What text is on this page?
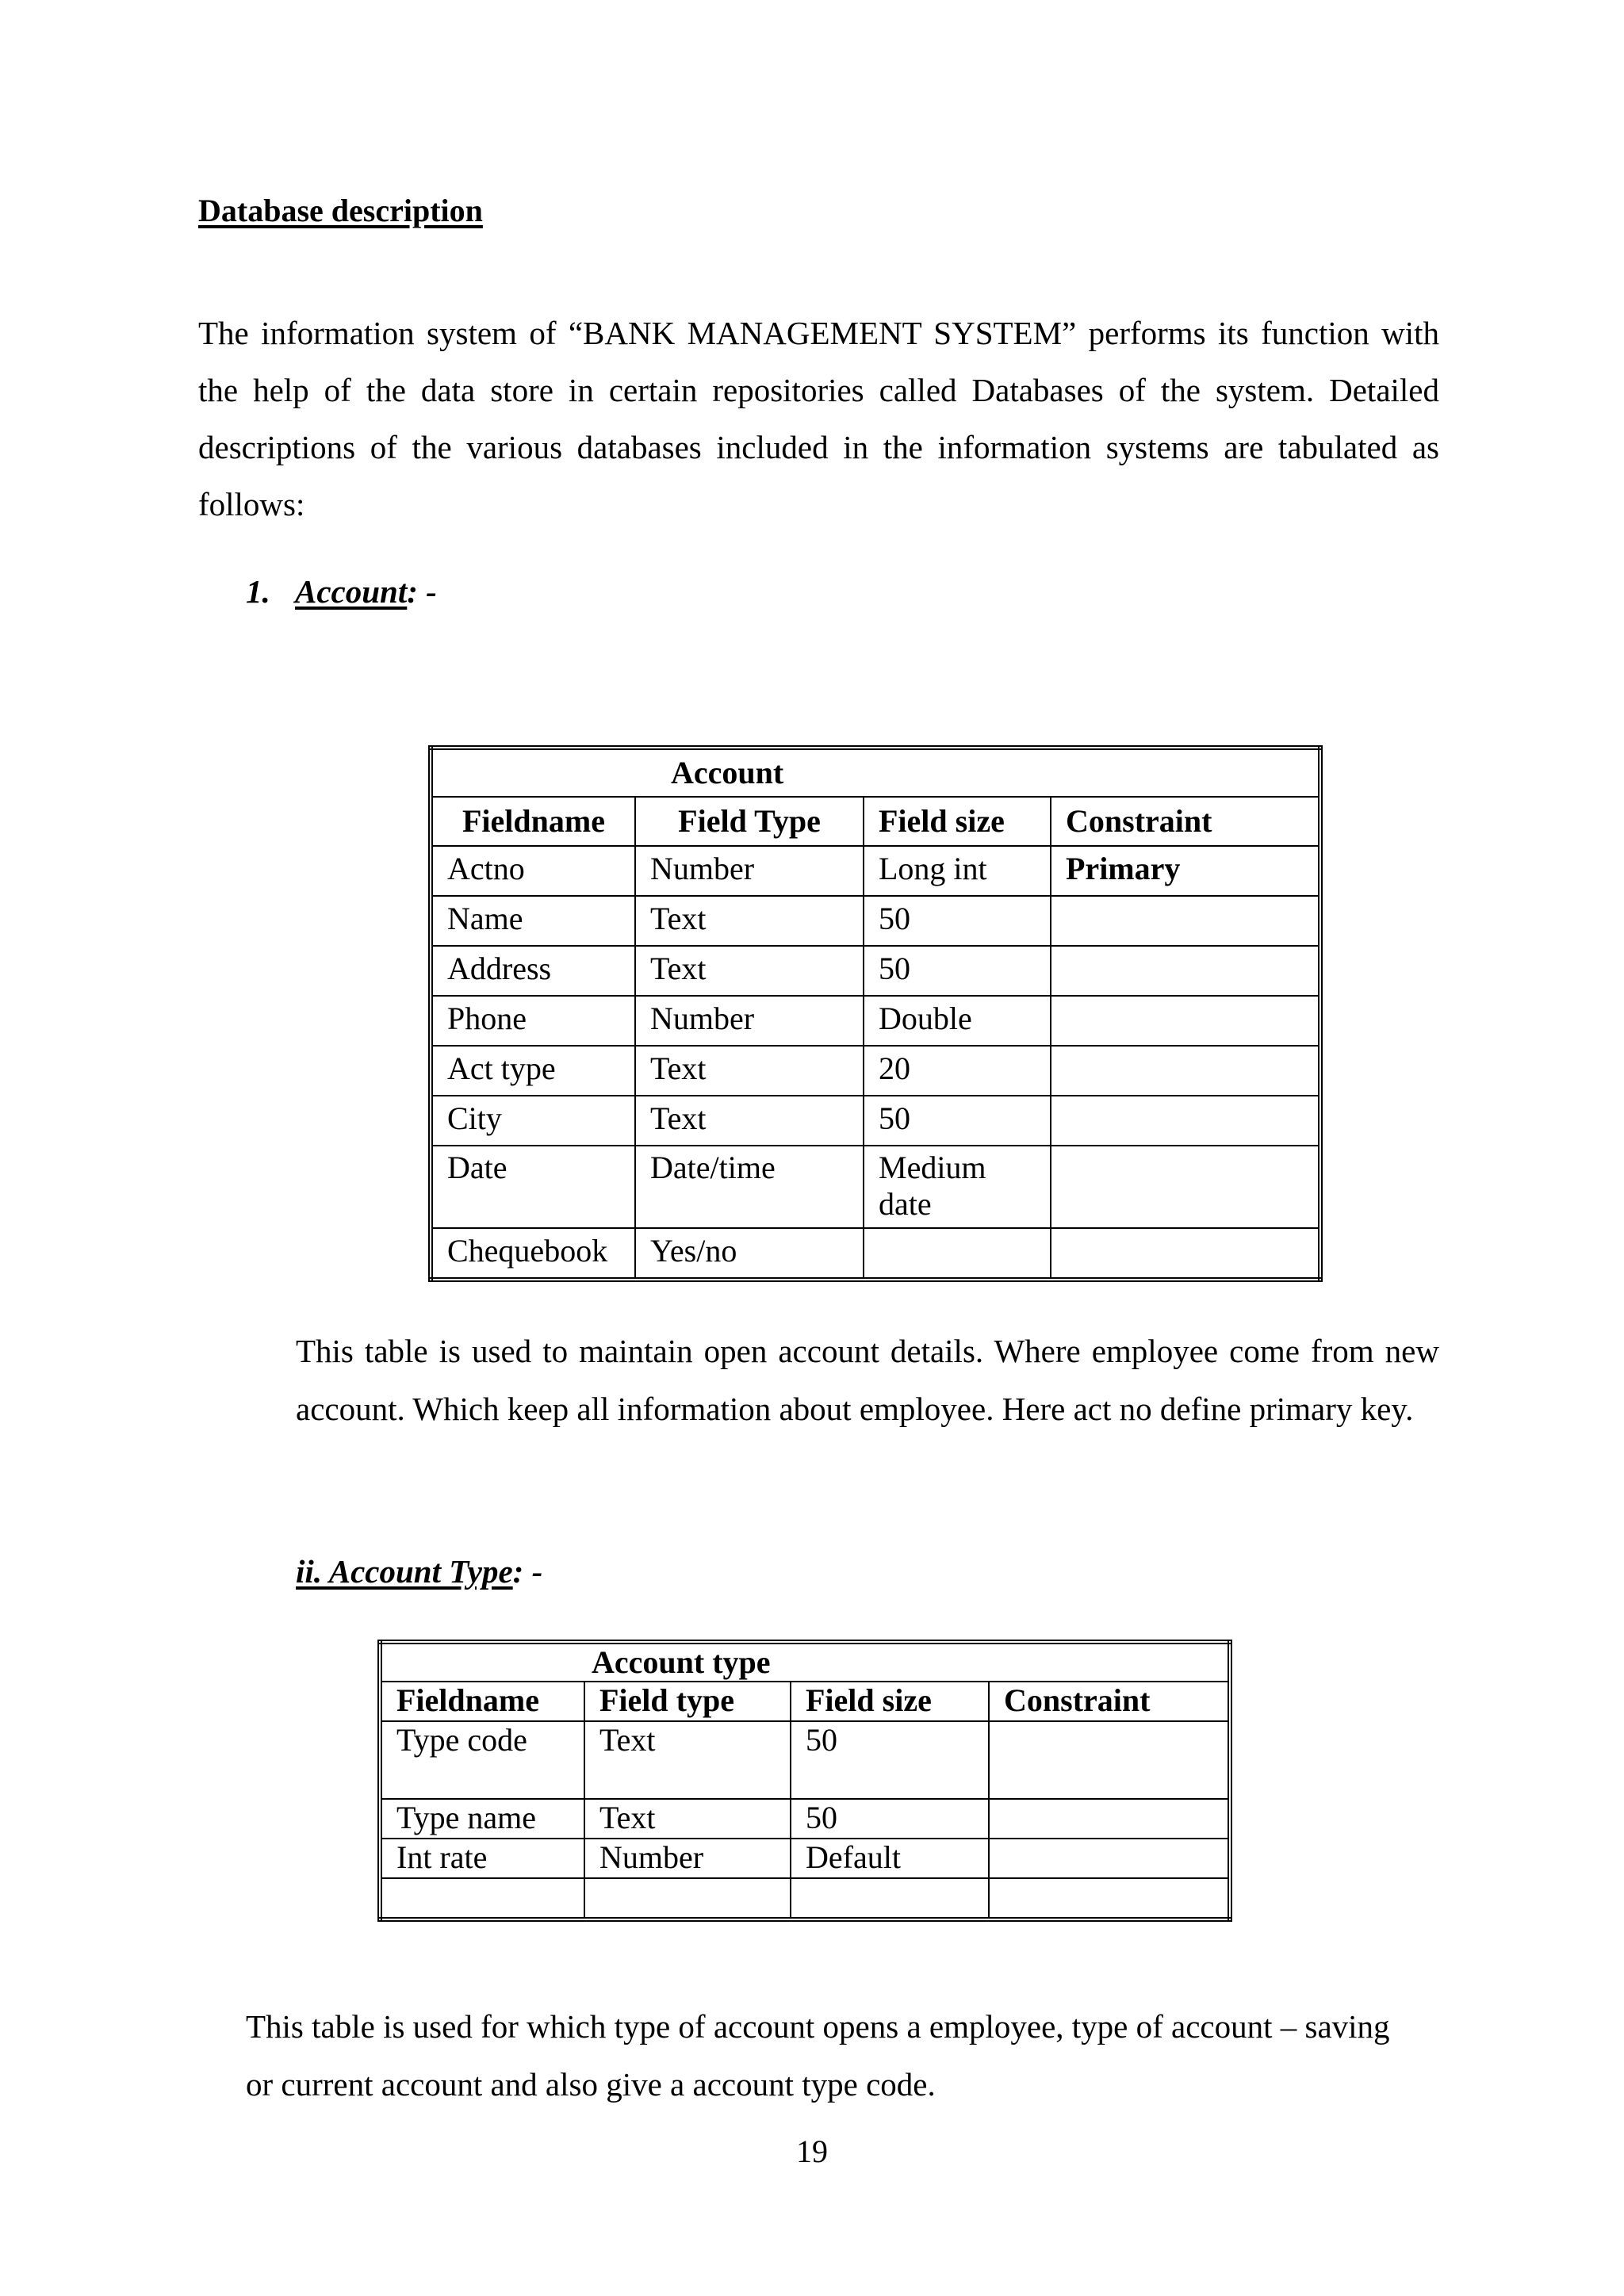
Database description

The information system of “BANK MANAGEMENT SYSTEM” performs its function with the help of the data store in certain repositories called Databases of the system. Detailed descriptions of the various databases included in the information systems are tabulated as follows:

1. Account: -
Account			
Fieldname	Field Type	Field size	Constraint
Actno	Number	Long int	Primary
Name	Text	50	
Address	Text	50	
Phone	Number	Double	
Act type	Text	20	
City	Text	50	
Date	Date/time	Medium date	
Chequebook	Yes/no		

This table is used to maintain open account details. Where employee come from new account. Which keep all information about employee. Here act no define primary key.

ii. Account Type: -
Account type			
Fieldname	Field type	Field size	Constraint
Type code	Text	50	
Type name	Text	50	
Int rate	Number	Default	

This table is used for which type of account opens a employee, type of account – saving or current account and also give a account type code.

19
